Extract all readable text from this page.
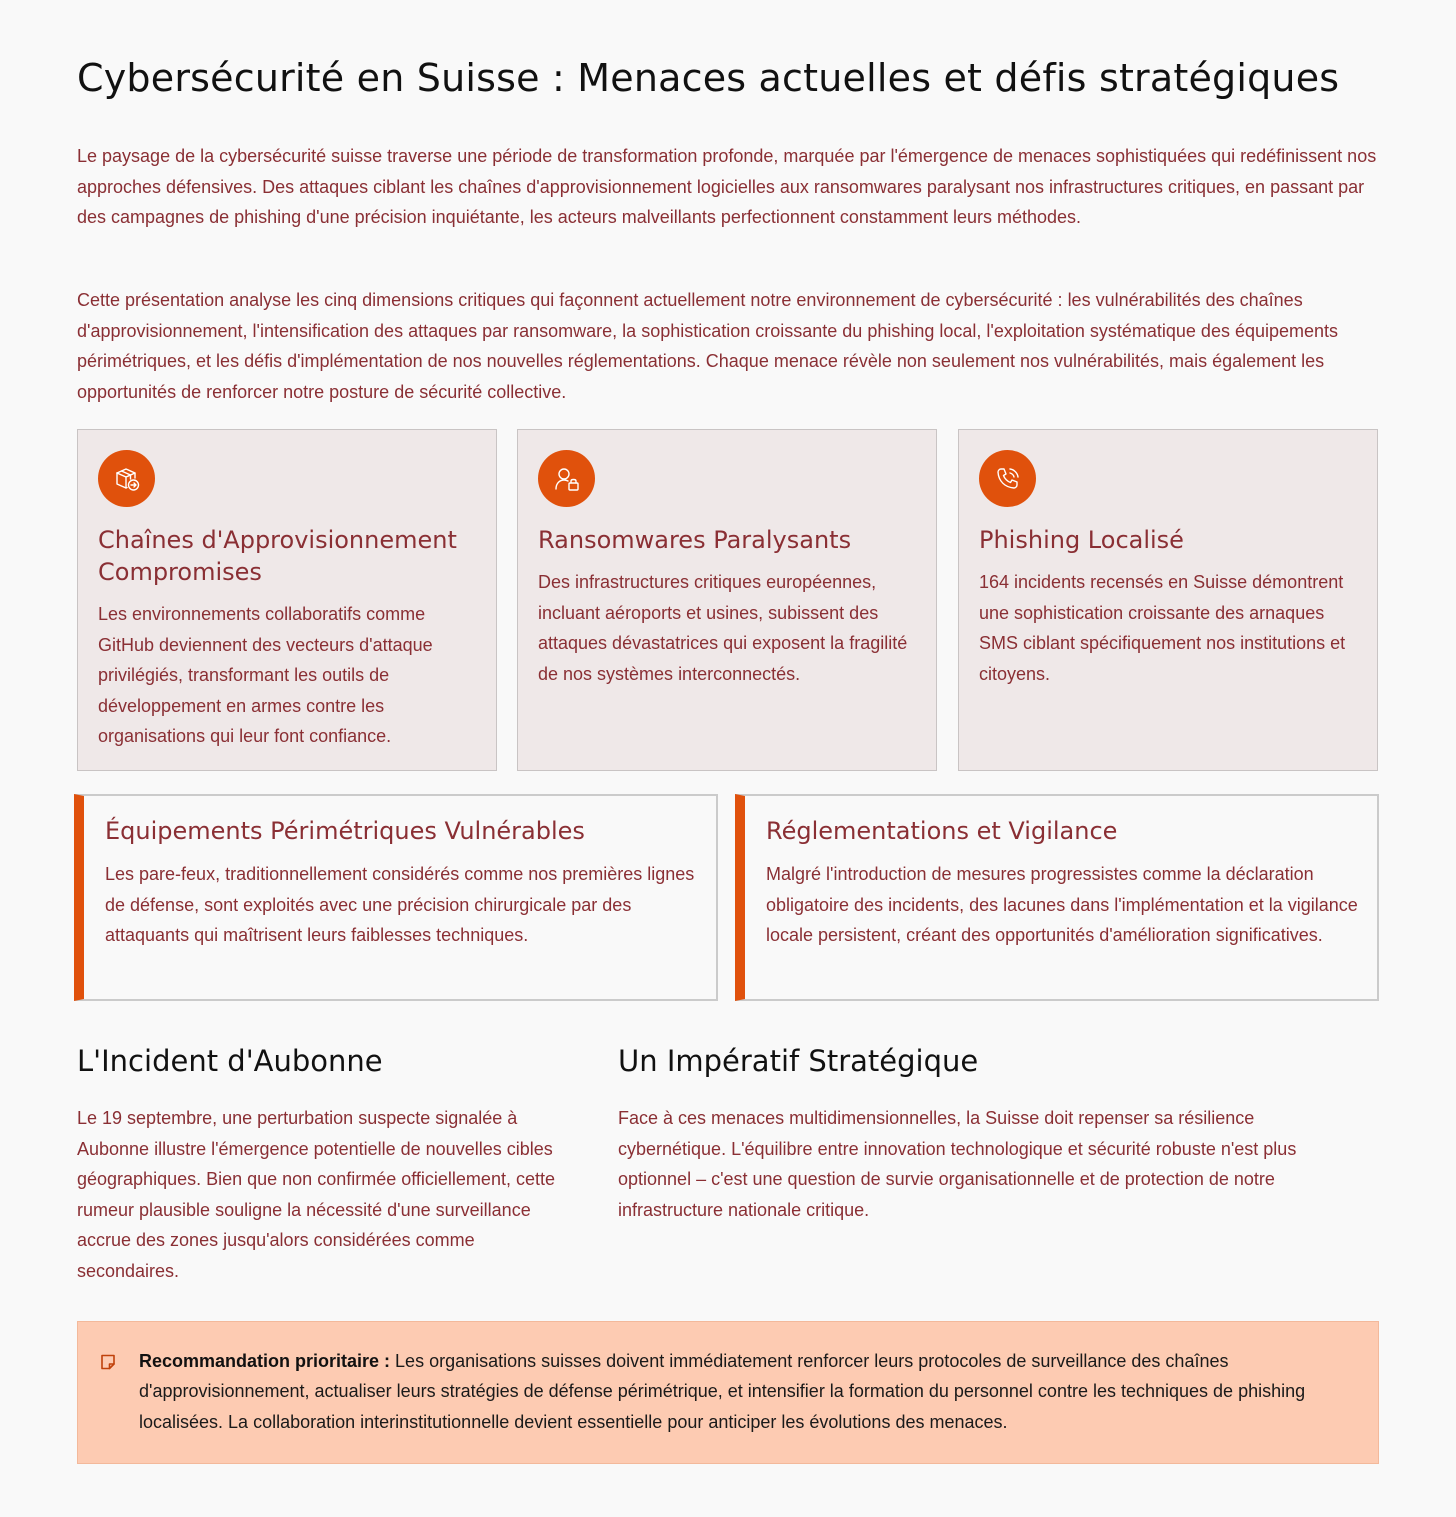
Cybersécurité en Suisse : Menaces actuelles et défis stratégiques

Le paysage de la cybersécurité suisse traverse une période de transformation profonde, marquée par l'émergence de menaces sophistiquées qui redéfinissent nos approches défensives. Des attaques ciblant les chaînes d'approvisionnement logicielles aux ransomwares paralysant nos infrastructures critiques, en passant par des campagnes de phishing d'une précision inquiétante, les acteurs malveillants perfectionnent constamment leurs méthodes.

Cette présentation analyse les cinq dimensions critiques qui façonnent actuellement notre environnement de cybersécurité : les vulnérabilités des chaînes d'approvisionnement, l'intensification des attaques par ransomware, la sophistication croissante du phishing local, l'exploitation systématique des équipements périmétriques, et les défis d'implémentation de nos nouvelles réglementations. Chaque menace révèle non seulement nos vulnérabilités, mais également les opportunités de renforcer notre posture de sécurité collective.

Chaînes d'Approvisionnement Compromises

Les environnements collaboratifs comme GitHub deviennent des vecteurs d'attaque privilégiés, transformant les outils de développement en armes contre les organisations qui leur font confiance.

Ransomwares Paralysants

Des infrastructures critiques européennes, incluant aéroports et usines, subissent des attaques dévastatrices qui exposent la fragilité de nos systèmes interconnectés.

Phishing Localisé

164 incidents recensés en Suisse démontrent une sophistication croissante des arnaques SMS ciblant spécifiquement nos institutions et citoyens.

Équipements Périmétriques Vulnérables

Les pare-feux, traditionnellement considérés comme nos premières lignes de défense, sont exploités avec une précision chirurgicale par des attaquants qui maîtrisent leurs faiblesses techniques.

Réglementations et Vigilance

Malgré l'introduction de mesures progressistes comme la déclaration obligatoire des incidents, des lacunes dans l'implémentation et la vigilance locale persistent, créant des opportunités d'amélioration significatives.

L'Incident d'Aubonne

Le 19 septembre, une perturbation suspecte signalée à Aubonne illustre l'émergence potentielle de nouvelles cibles géographiques. Bien que non confirmée officiellement, cette rumeur plausible souligne la nécessité d'une surveillance accrue des zones jusqu'alors considérées comme secondaires.

Un Impératif Stratégique

Face à ces menaces multidimensionnelles, la Suisse doit repenser sa résilience cybernétique. L'équilibre entre innovation technologique et sécurité robuste n'est plus optionnel – c'est une question de survie organisationnelle et de protection de notre infrastructure nationale critique.

Recommandation prioritaire : Les organisations suisses doivent immédiatement renforcer leurs protocoles de surveillance des chaînes d'approvisionnement, actualiser leurs stratégies de défense périmétrique, et intensifier la formation du personnel contre les techniques de phishing localisées. La collaboration interinstitutionnelle devient essentielle pour anticiper les évolutions des menaces.
